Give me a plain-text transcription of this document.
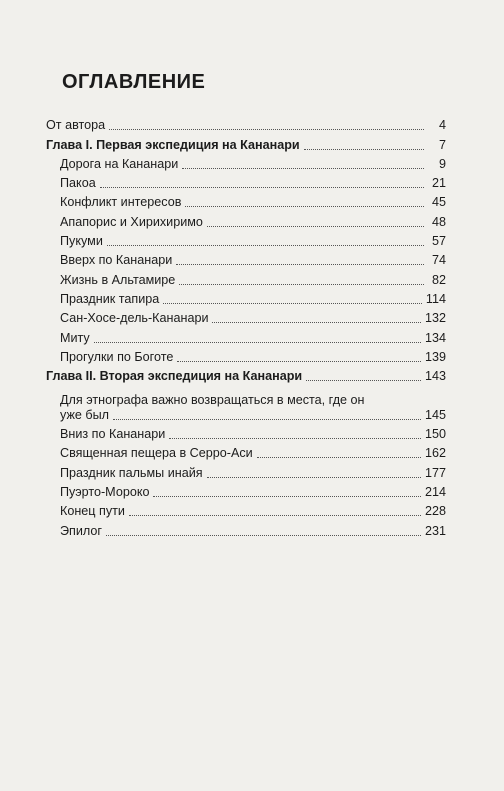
ОГЛАВЛЕНИЕ
От автора	4
Глава I. Первая экспедиция на Кананари	7
Дорога на Кананари	9
Пакоа	21
Конфликт интересов	45
Апапорис и Хирихиримо	48
Пукуми	57
Вверх по Кананари	74
Жизнь в Альтамире	82
Праздник тапира	114
Сан-Хосе-дель-Кананари	132
Миту	134
Прогулки по Боготе	139
Глава II. Вторая экспедиция на Кананари	143
Для этнографа важно возвращаться в места, где он
уже был	145
Вниз по Кананари	150
Священная пещера в Серро-Аси	162
Праздник пальмы инайя	177
Пуэрто-Мороко	214
Конец пути	228
Эпилог	231
